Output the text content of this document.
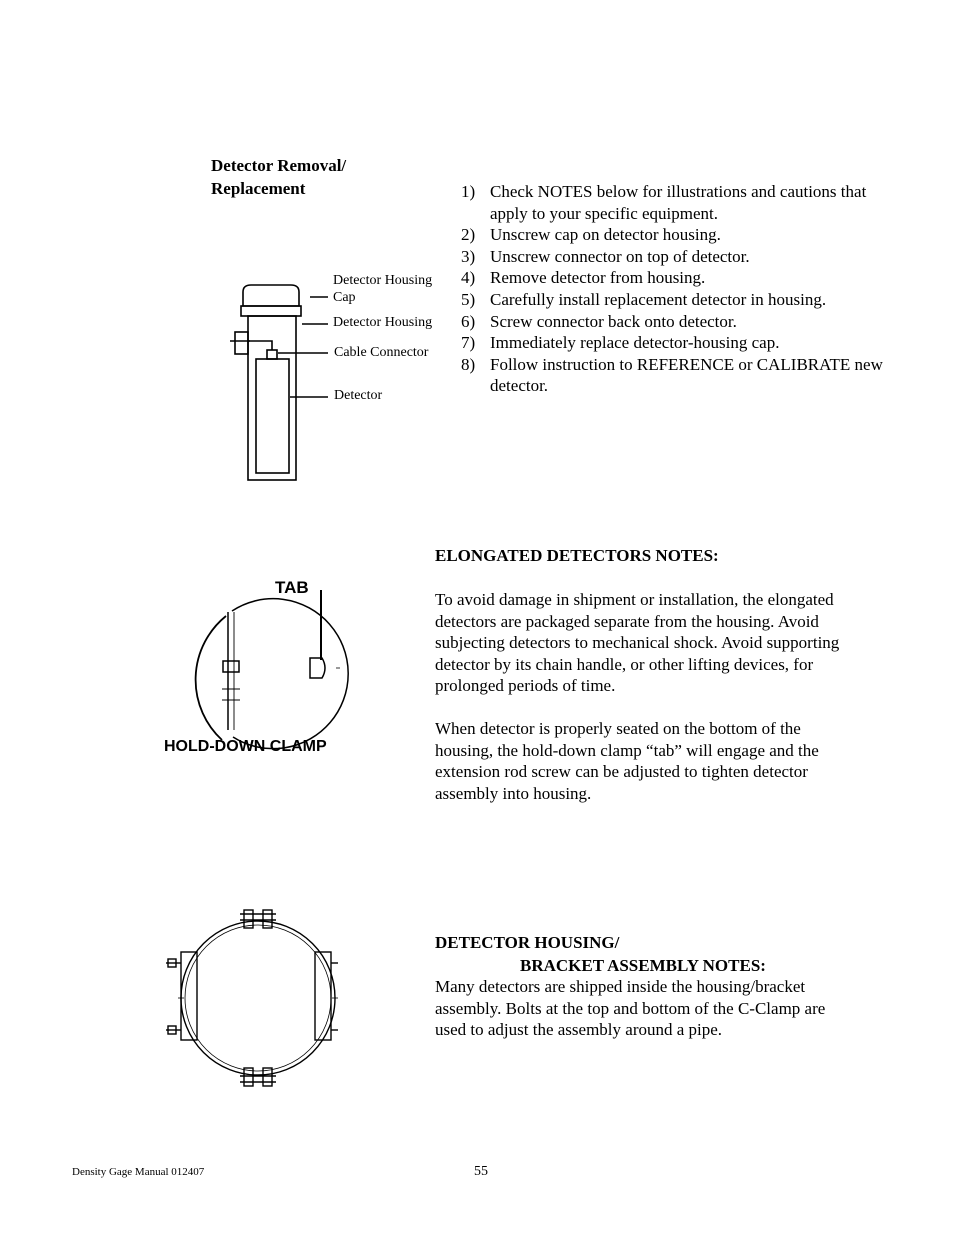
Detector Removal/
Replacement	1) Check NOTES below for illustrations and cautions that apply to your specific equipment.
2) Unscrew cap on detector housing.
3) Unscrew connector on top of detector.
4) Remove detector from housing.
5) Carefully install replacement detector in housing.
6) Screw connector back onto detector.
7) Immediately replace detector-housing cap.
8) Follow instruction to REFERENCE or CALIBRATE new detector.
Detector Housing
Cap
Detector Housing
Cable Connector
Detector
TAB
HOLD-DOWN CLAMP
ELONGATED DETECTORS NOTES:
To avoid damage in shipment or installation, the elongated detectors are packaged separate from the housing. Avoid subjecting detectors to mechanical shock. Avoid supporting detector by its chain handle, or other lifting devices, for prolonged periods of time.
When detector is properly seated on the bottom of the housing, the hold-down clamp “tab” will engage and the extension rod screw can be adjusted to tighten detector assembly into housing.
DETECTOR HOUSING/
BRACKET ASSEMBLY NOTES:
Many detectors are shipped inside the housing/bracket assembly. Bolts at the top and bottom of the C-Clamp are used to adjust the assembly around a pipe.
Density Gage Manual 012407	55
